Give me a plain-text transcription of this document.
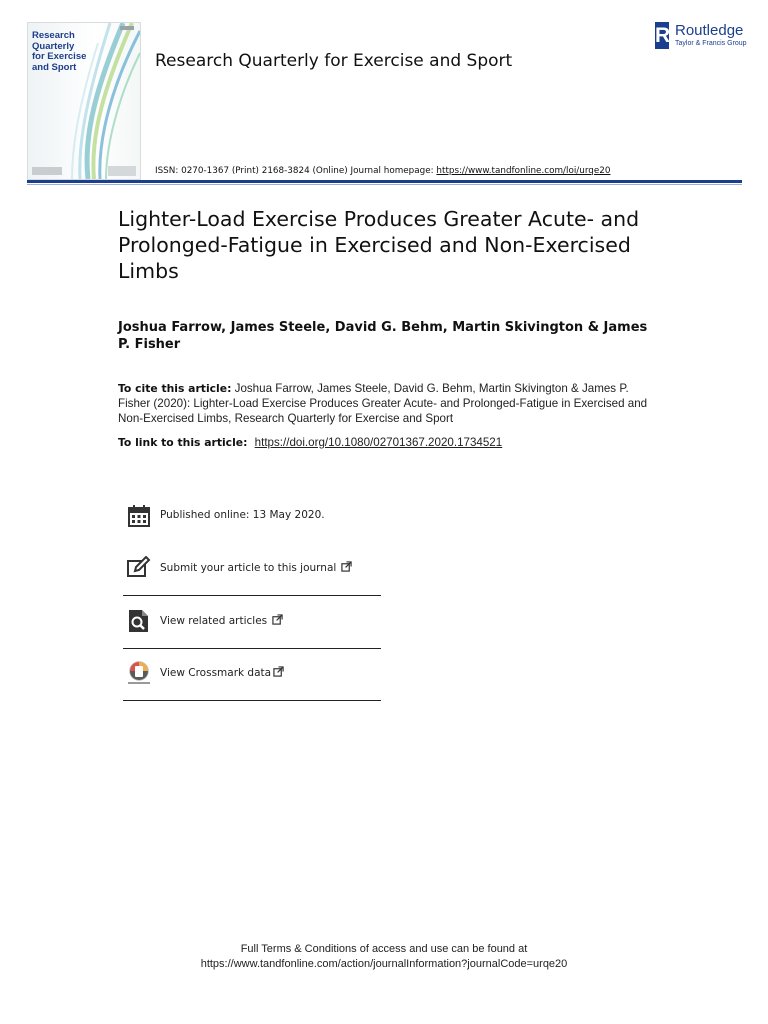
Research
Quarterly
for Exercise
and Sport	Research Quarterly for Exercise and Sport
R Routledge
Taylor & Francis Group
ISSN: 0270-1367 (Print) 2168-3824 (Online) Journal homepage: https://www.tandfonline.com/loi/urqe20
Lighter-Load Exercise Produces Greater Acute- and Prolonged-Fatigue in Exercised and Non-Exercised Limbs
Joshua Farrow, James Steele, David G. Behm, Martin Skivington & James P. Fisher
To cite this article: Joshua Farrow, James Steele, David G. Behm, Martin Skivington & James P. Fisher (2020): Lighter-Load Exercise Produces Greater Acute- and Prolonged-Fatigue in Exercised and Non-Exercised Limbs, Research Quarterly for Exercise and Sport
To link to this article: https://doi.org/10.1080/02701367.2020.1734521
Published online: 13 May 2020.
Submit your article to this journal
View related articles
View Crossmark data
Full Terms & Conditions of access and use can be found at
https://www.tandfonline.com/action/journalInformation?journalCode=urqe20
